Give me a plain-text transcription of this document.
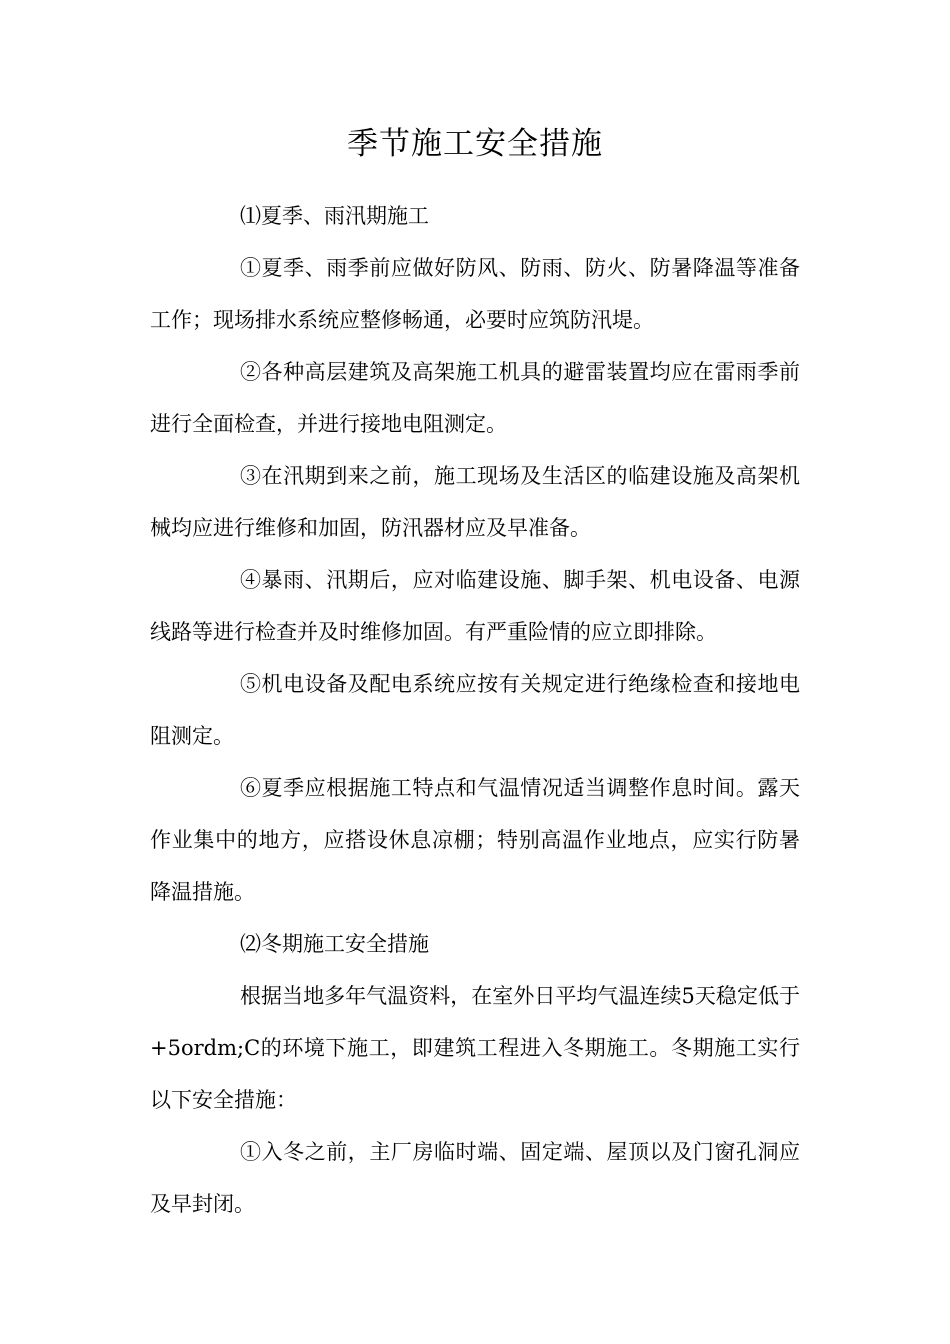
季节施工安全措施

⑴夏季、雨汛期施工

①夏季、雨季前应做好防风、防雨、防火、防暑降温等准备工作；现场排水系统应整修畅通，必要时应筑防汛堤。

②各种高层建筑及高架施工机具的避雷装置均应在雷雨季前进行全面检查，并进行接地电阻测定。

③在汛期到来之前，施工现场及生活区的临建设施及高架机械均应进行维修和加固，防汛器材应及早准备。

④暴雨、汛期后，应对临建设施、脚手架、机电设备、电源线路等进行检查并及时维修加固。有严重险情的应立即排除。

⑤机电设备及配电系统应按有关规定进行绝缘检查和接地电阻测定。

⑥夏季应根据施工特点和气温情况适当调整作息时间。露天作业集中的地方，应搭设休息凉棚；特别高温作业地点，应实行防暑降温措施。

⑵冬期施工安全措施

根据当地多年气温资料，在室外日平均气温连续5天稳定低于+5ordm;C的环境下施工，即建筑工程进入冬期施工。冬期施工实行以下安全措施：

①入冬之前，主厂房临时端、固定端、屋顶以及门窗孔洞应及早封闭。
